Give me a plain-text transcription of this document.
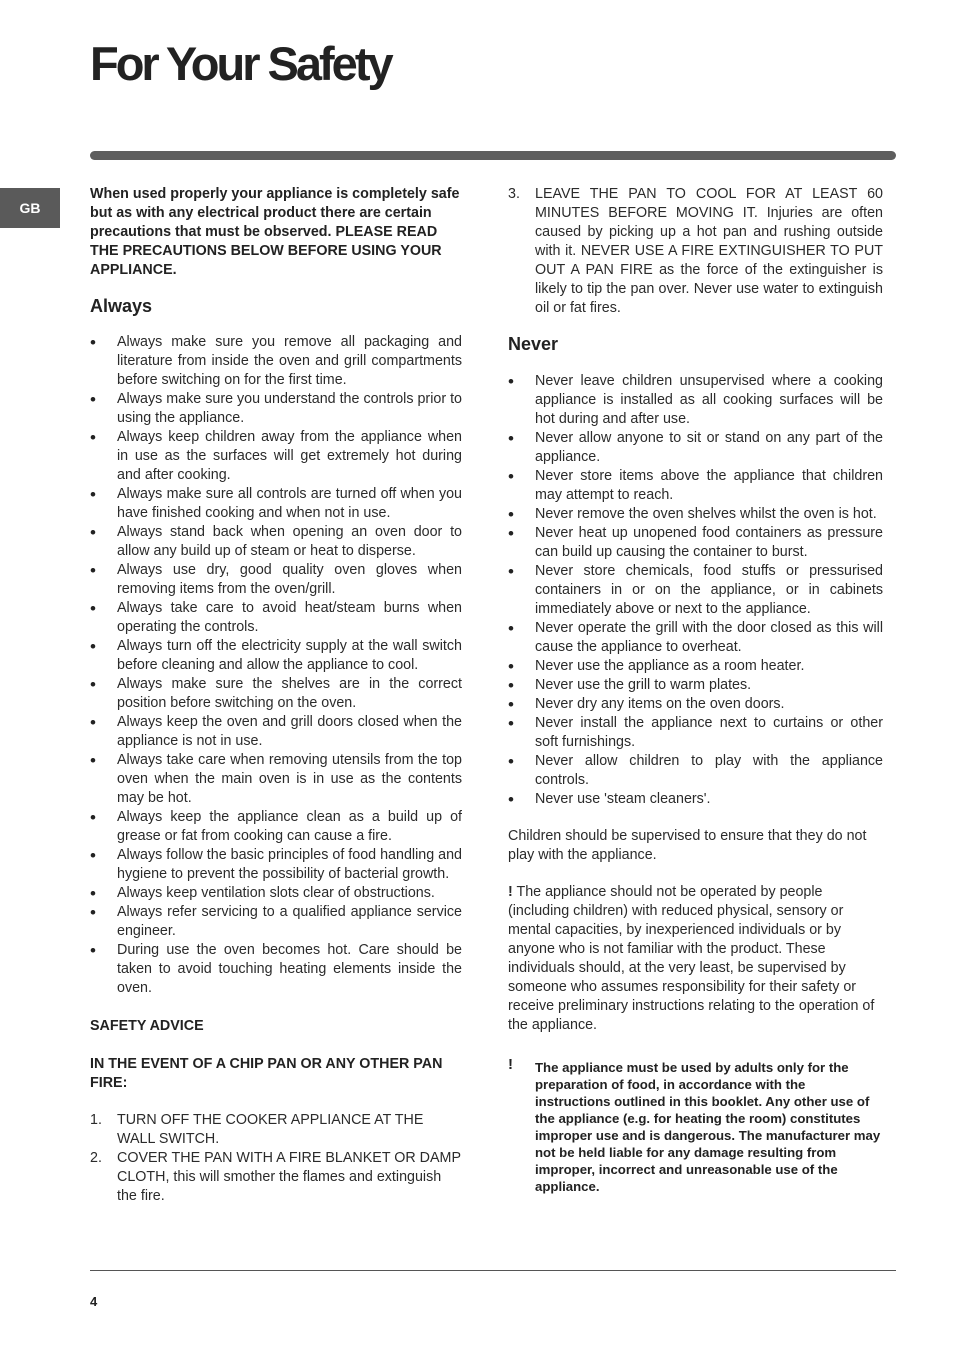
For Your Safety
GB

When used properly your appliance is completely safe but as with any electrical product there are certain precautions that must be observed. PLEASE READ THE PRECAUTIONS BELOW BEFORE USING YOUR APPLIANCE.

Always
• Always make sure you remove all packaging and literature from inside the oven and grill compartments before switching on for the first time.
• Always make sure you understand the controls prior to using the appliance.
• Always keep children away from the appliance when in use as the surfaces will get extremely hot during and after cooking.
• Always make sure all controls are turned off when you have finished cooking and when not in use.
• Always stand back when opening an oven door to allow any build up of steam or heat to disperse.
• Always use dry, good quality oven gloves when removing items from the oven/grill.
• Always take care to avoid heat/steam burns when operating the controls.
• Always turn off the electricity supply at the wall switch before cleaning and allow the appliance to cool.
• Always make sure the shelves are in the correct position before switching on the oven.
• Always keep the oven and grill doors closed when the appliance is not in use.
• Always take care when removing utensils from the top oven when the main oven is in use as the contents may be hot.
• Always keep the appliance clean as a build up of grease or fat from cooking can cause a fire.
• Always follow the basic principles of food handling and hygiene to prevent the possibility of bacterial growth.
• Always keep ventilation slots clear of obstructions.
• Always refer servicing to a qualified appliance service engineer.
• During use the oven becomes hot. Care should be taken to avoid touching heating elements inside the oven.

SAFETY ADVICE

IN THE EVENT OF A CHIP PAN OR ANY OTHER PAN FIRE:

1. TURN OFF THE COOKER APPLIANCE AT THE WALL SWITCH.
2. COVER THE PAN WITH A FIRE BLANKET OR DAMP CLOTH, this will smother the flames and extinguish the fire.
3. LEAVE THE PAN TO COOL FOR AT LEAST 60 MINUTES BEFORE MOVING IT. Injuries are often caused by picking up a hot pan and rushing outside with it. NEVER USE A FIRE EXTINGUISHER TO PUT OUT A PAN FIRE as the force of the extinguisher is likely to tip the pan over. Never use water to extinguish oil or fat fires.
Never
• Never leave children unsupervised where a cooking appliance is installed as all cooking surfaces will be hot during and after use.
• Never allow anyone to sit or stand on any part of the appliance.
• Never store items above the appliance that children may attempt to reach.
• Never remove the oven shelves whilst the oven is hot.
• Never heat up unopened food containers as pressure can build up causing the container to burst.
• Never store chemicals, food stuffs or pressurised containers in or on the appliance, or in cabinets immediately above or next to the appliance.
• Never operate the grill with the door closed as this will cause the appliance to overheat.
• Never use the appliance as a room heater.
• Never use the grill to warm plates.
• Never dry any items on the oven doors.
• Never install the appliance next to curtains or other soft furnishings.
• Never allow children to play with the appliance controls.
• Never use 'steam cleaners'.

Children should be supervised to ensure that they do not play with the appliance.

! The appliance should not be operated by people (including children) with reduced physical, sensory or mental capacities, by inexperienced individuals or by anyone who is not familiar with the product. These individuals should, at the very least, be supervised by someone who assumes responsibility for their safety or receive preliminary instructions relating to the operation of the appliance.

! The appliance must be used by adults only for the preparation of food, in accordance with the instructions outlined in this booklet. Any other use of the appliance (e.g. for heating the room) constitutes improper use and is dangerous. The manufacturer may not be held liable for any damage resulting from improper, incorrect and unreasonable use of the appliance.
4
